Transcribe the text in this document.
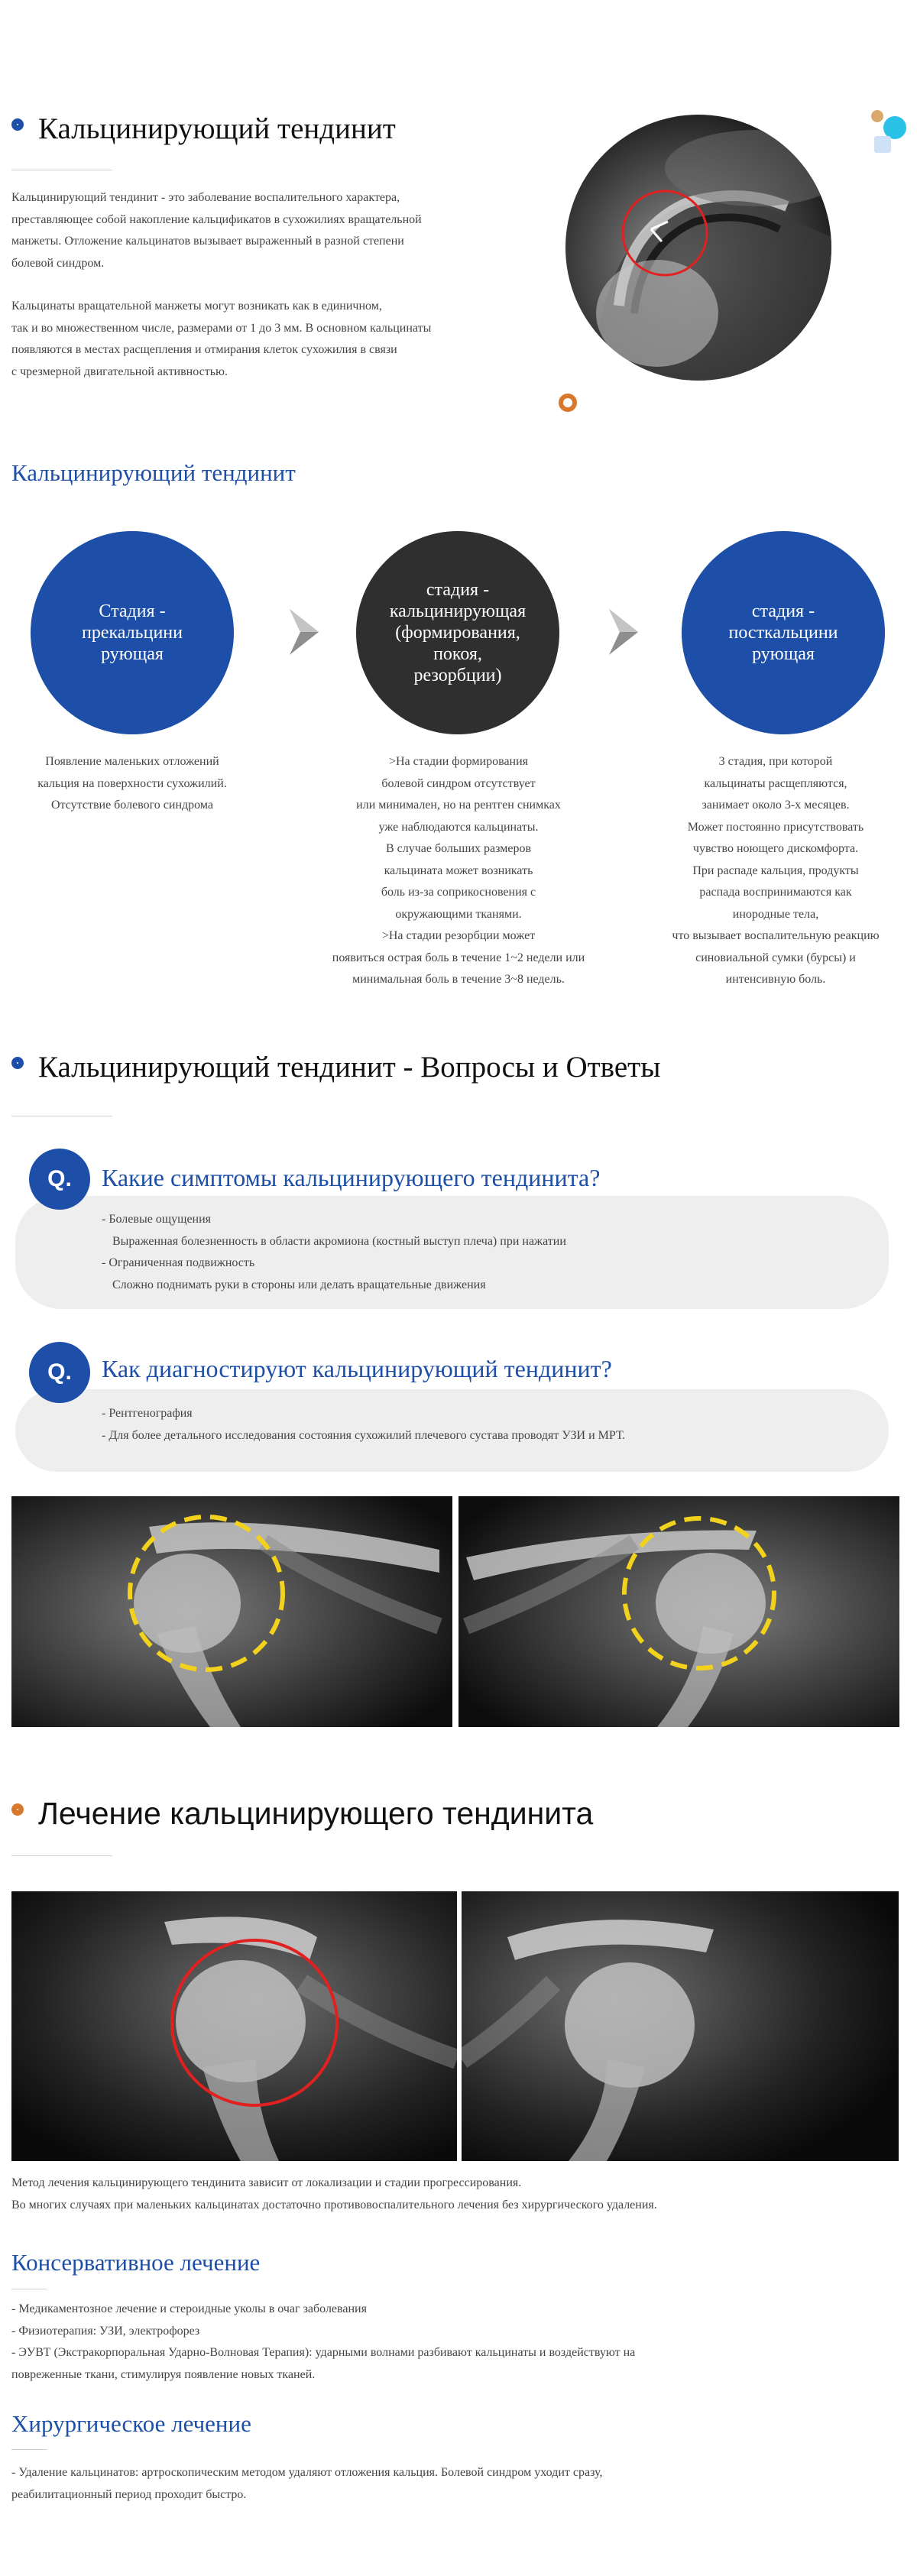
Кальцинирующий тендинит
Кальцинирующий тендинит - это заболевание воспалительного характера,
преставляющее собой накопление кальцификатов в сухожилиях вращательной
манжеты. Отложение кальцинатов вызывает выраженный в разной степени
болевой синдром.
Кальцинаты вращательной манжеты могут возникать как в единичном,
так и во множественном числе, размерами от 1 до 3 мм. В основном кальцинаты
появляются в местах расщепления и отмирания клеток сухожилия в связи
с чрезмерной двигательной активностью.
Кальцинирующий тендинит
Стадия -
прекальцини
рующая
стадия -
кальцинирующая
(формирования,
покоя,
резорбции)
стадия -
посткальцини
рующая
Появление маленьких отложений
кальция на поверхности сухожилий.
Отсутствие болевого синдрома
>На стадии формирования
болевой синдром отсутствует
или минимален, но на рентген снимках
уже наблюдаются кальцинаты.
В случае больших размеров
кальцината может возникать
боль из-за соприкосновения с
окружающими тканями.
>На стадии резорбции может
появиться острая боль в течение 1~2 недели или
минимальная боль в течение 3~8 недель.
3 стадия, при которой
кальцинаты расщепляются,
занимает около 3-х месяцев.
Может постоянно присутствовать
чувство ноющего дискомфорта.
При распаде кальция, продукты
распада воспринимаются как
инородные тела,
что вызывает воспалительную реакцию
синовиальной сумки (бурсы) и
интенсивную боль.
Кальцинирующий тендинит - Вопросы и Ответы
Q.	Какие симптомы кальцинирующего тендинита?
- Болевые ощущения
Выраженная болезненность в области акромиона (костный выступ плеча) при нажатии
- Ограниченная подвижность
Сложно поднимать руки в стороны или делать вращательные движения
Q.	Как диагностируют кальцинирующий тендинит?
- Рентгенография
- Для более детального исследования состояния сухожилий плечевого сустава проводят УЗИ и МРТ.
Лечение кальцинирующего тендинита
Метод лечения кальцинирующего тендинита зависит от локализации и стадии прогрессирования.
Во многих случаях при маленьких кальцинатах достаточно противовоспалительного лечения без хирургического удаления.
Консервативное лечение
- Медикаментозное лечение и стероидные уколы в очаг заболевания
- Физиотерапия: УЗИ, электрофорез
- ЭУВТ (Экстракорпоральная Ударно-Волновая Терапия): ударными волнами разбивают кальцинаты и воздействуют на
повреженные ткани, стимулируя появление новых тканей.
Хирургическое лечение
- Удаление кальцинатов: артроскопическим методом удаляют отложения кальция. Болевой синдром уходит сразу,
реабилитационный период проходит быстро.
